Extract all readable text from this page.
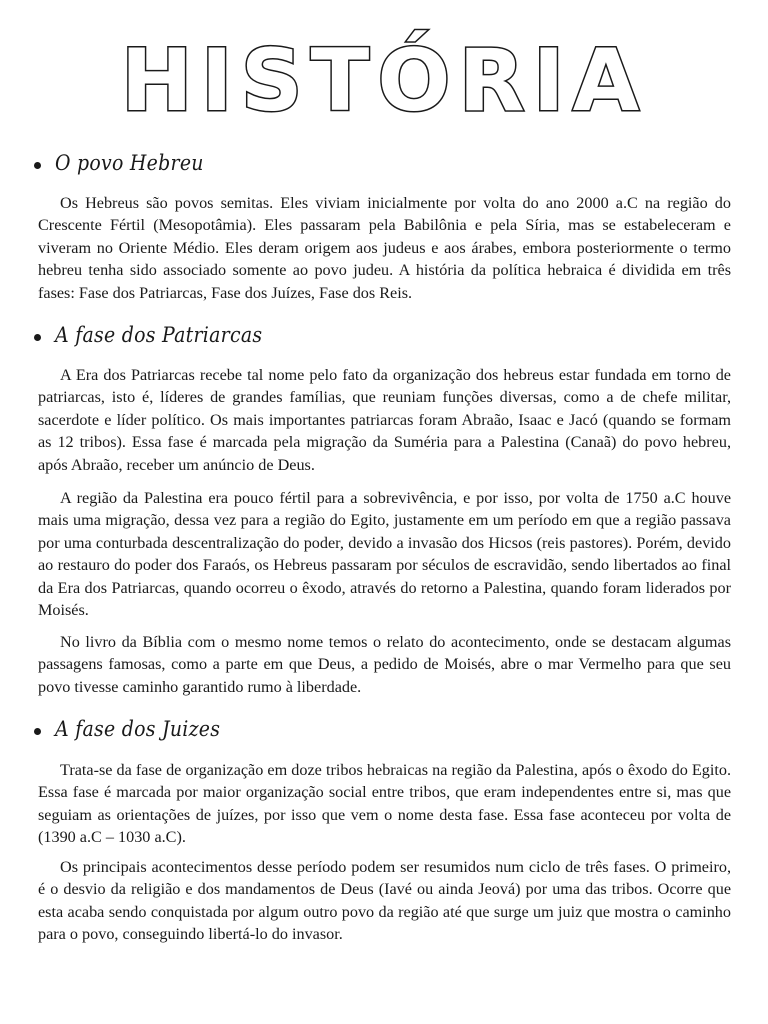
HISTÓRIA
O povo Hebreu

Os Hebreus são povos semitas. Eles viviam inicialmente por volta do ano 2000 a.C na região do Crescente Fértil (Mesopotâmia). Eles passaram pela Babilônia e pela Síria, mas se estabeleceram e viveram no Oriente Médio. Eles deram origem aos judeus e aos árabes, embora posteriormente o termo hebreu tenha sido associado somente ao povo judeu. A história da política hebraica é dividida em três fases: Fase dos Patriarcas, Fase dos Juízes, Fase dos Reis.

A fase dos Patriarcas

A Era dos Patriarcas recebe tal nome pelo fato da organização dos hebreus estar fundada em torno de patriarcas, isto é, líderes de grandes famílias, que reuniam funções diversas, como a de chefe militar, sacerdote e líder político. Os mais importantes patriarcas foram Abraão, Isaac e Jacó (quando se formam as 12 tribos). Essa fase é marcada pela migração da Suméria para a Palestina (Canaã) do povo hebreu, após Abraão, receber um anúncio de Deus.

A região da Palestina era pouco fértil para a sobrevivência, e por isso, por volta de 1750 a.C houve mais uma migração, dessa vez para a região do Egito, justamente em um período em que a região passava por uma conturbada descentralização do poder, devido a invasão dos Hicsos (reis pastores). Porém, devido ao restauro do poder dos Faraós, os Hebreus passaram por séculos de escravidão, sendo libertados ao final da Era dos Patriarcas, quando ocorreu o êxodo, através do retorno a Palestina, quando foram liderados por Moisés.

No livro da Bíblia com o mesmo nome temos o relato do acontecimento, onde se destacam algumas passagens famosas, como a parte em que Deus, a pedido de Moisés, abre o mar Vermelho para que seu povo tivesse caminho garantido rumo à liberdade.

A fase dos Juizes

Trata-se da fase de organização em doze tribos hebraicas na região da Palestina, após o êxodo do Egito. Essa fase é marcada por maior organização social entre tribos, que eram independentes entre si, mas que seguiam as orientações de juízes, por isso que vem o nome desta fase. Essa fase aconteceu por volta de (1390 a.C – 1030 a.C).

Os principais acontecimentos desse período podem ser resumidos num ciclo de três fases. O primeiro, é o desvio da religião e dos mandamentos de Deus (Iavé ou ainda Jeová) por uma das tribos. Ocorre que esta acaba sendo conquistada por algum outro povo da região até que surge um juiz que mostra o caminho para o povo, conseguindo libertá-lo do invasor.
